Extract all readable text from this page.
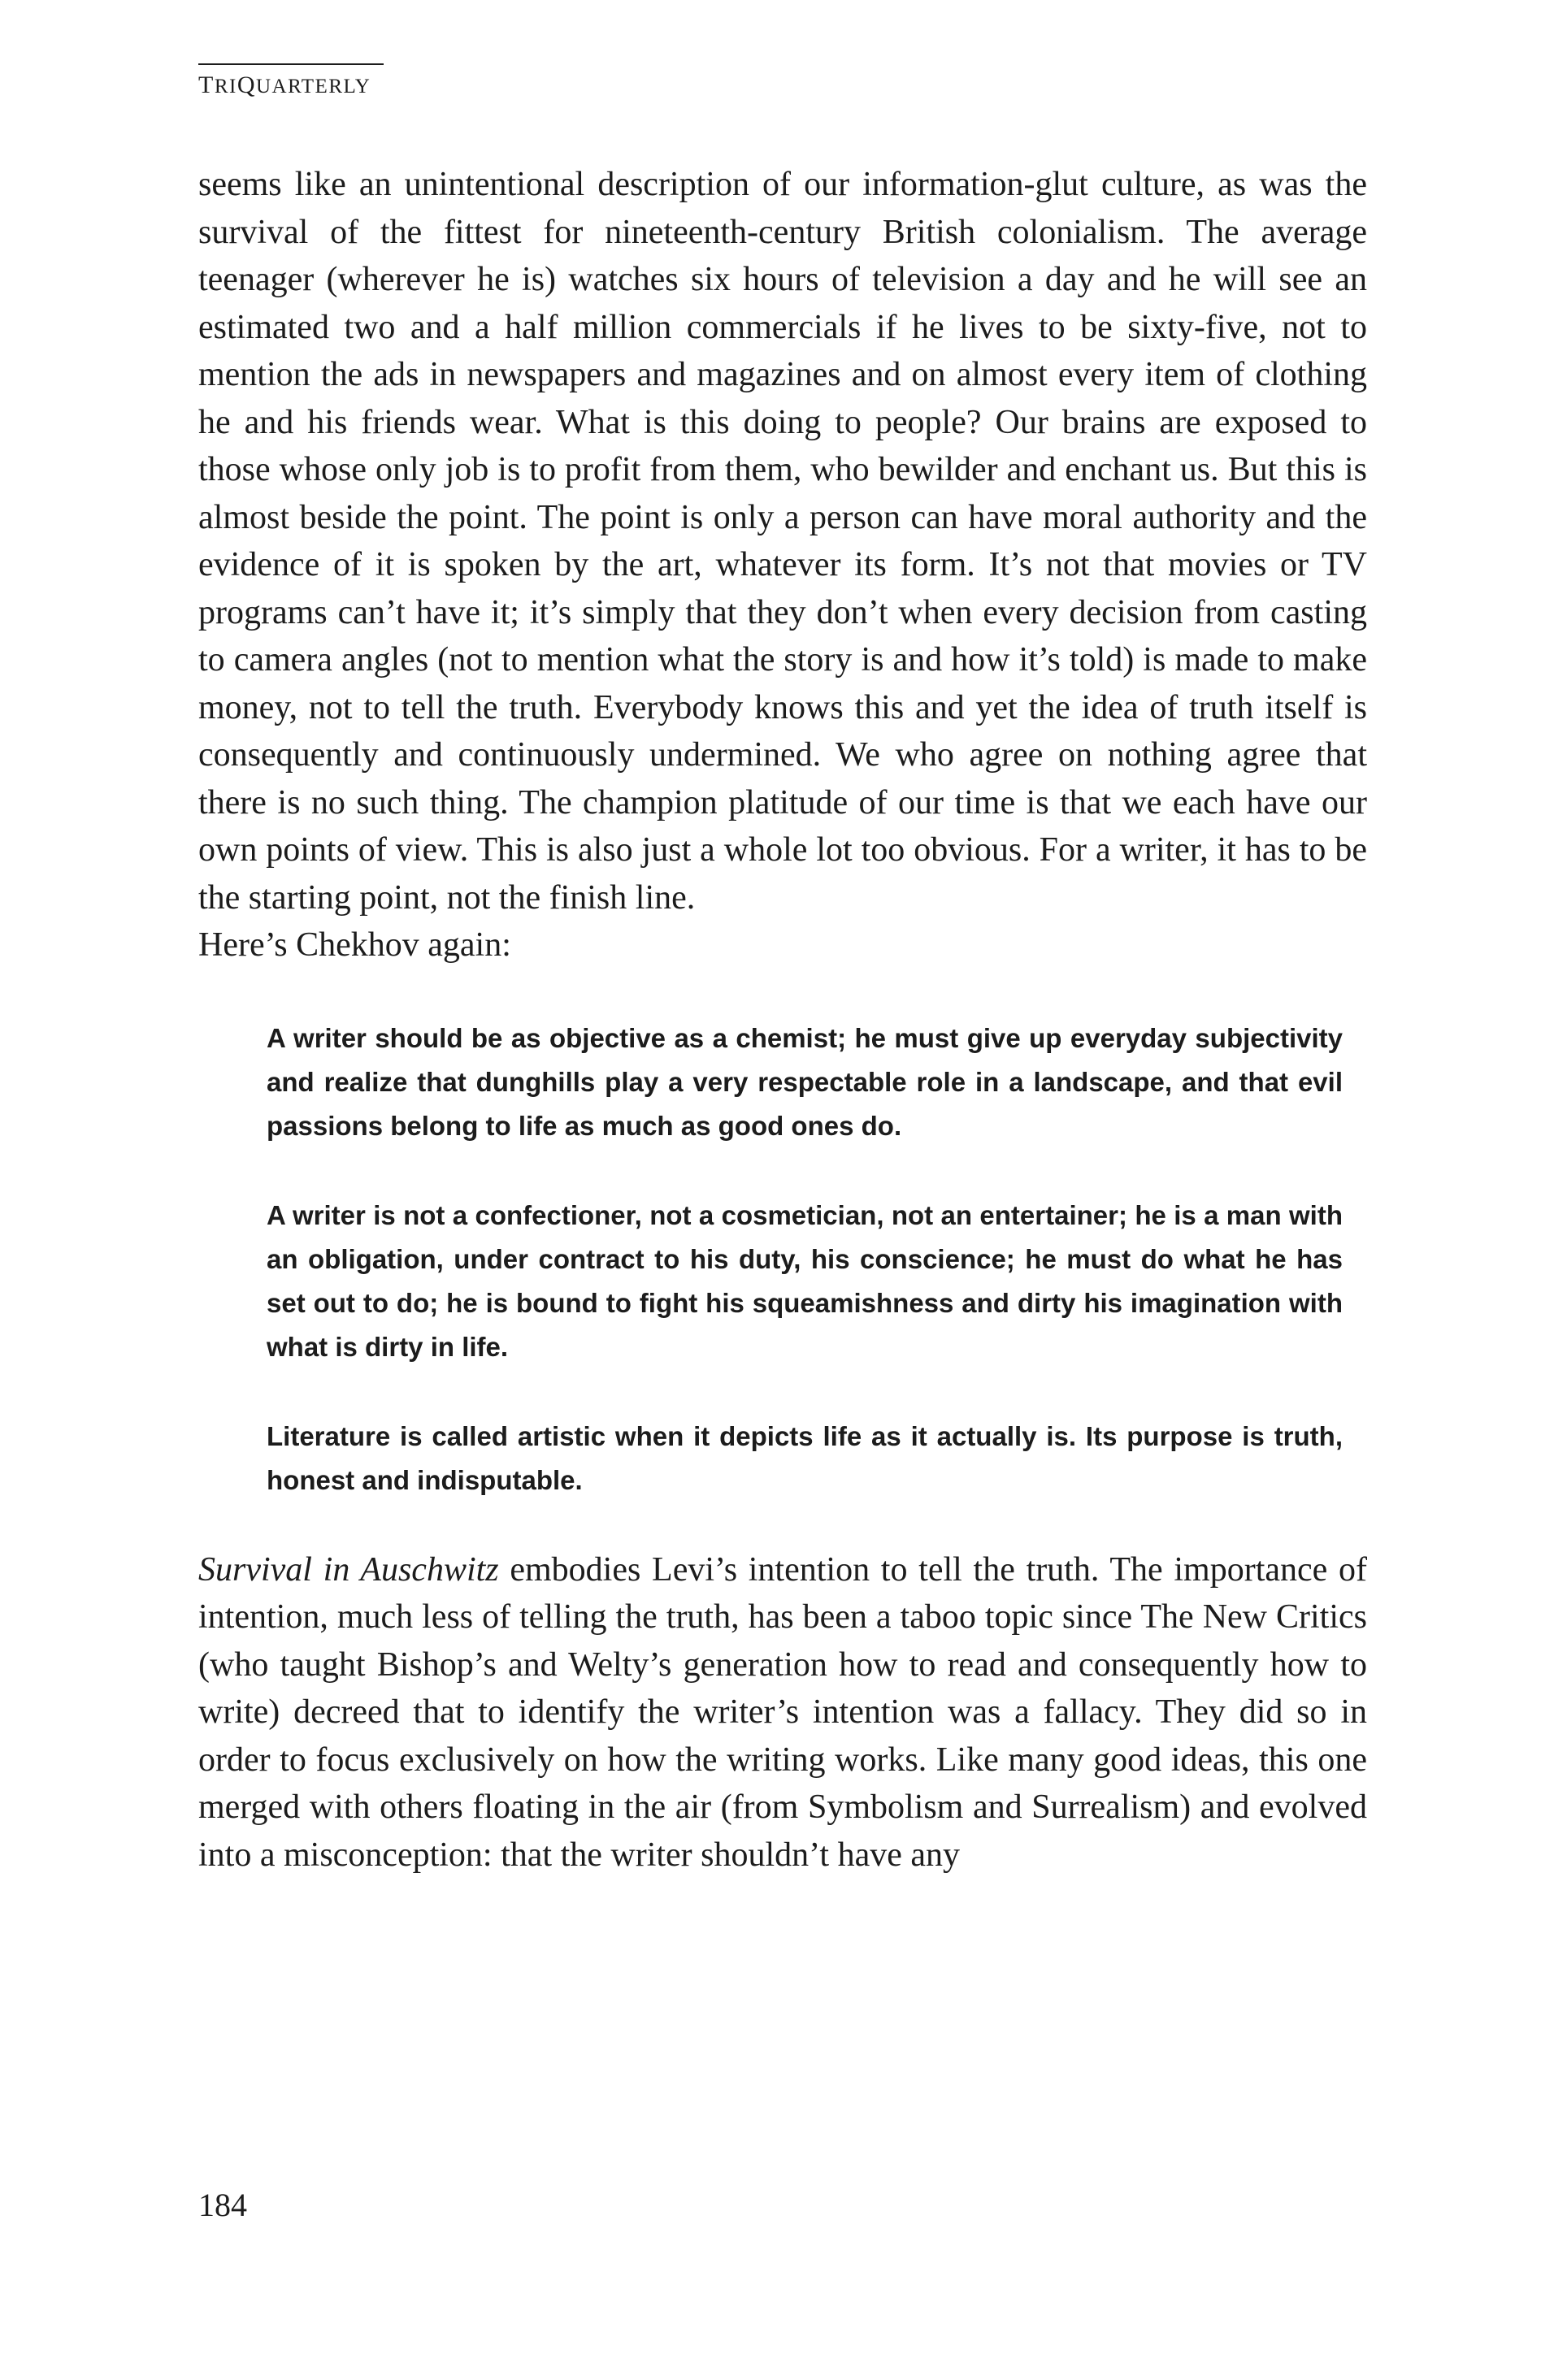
TRIQUARTERLY

seems like an unintentional description of our information-glut culture, as was the survival of the fittest for nineteenth-century British colonialism. The average teenager (wherever he is) watches six hours of television a day and he will see an estimated two and a half million commercials if he lives to be sixty-five, not to mention the ads in newspapers and magazines and on almost every item of clothing he and his friends wear. What is this doing to people? Our brains are exposed to those whose only job is to profit from them, who bewilder and enchant us. But this is almost beside the point. The point is only a person can have moral authority and the evidence of it is spoken by the art, whatever its form. It’s not that movies or TV programs can’t have it; it’s simply that they don’t when every decision from casting to camera angles (not to mention what the story is and how it’s told) is made to make money, not to tell the truth. Everybody knows this and yet the idea of truth itself is consequently and continuously undermined. We who agree on nothing agree that there is no such thing. The champion platitude of our time is that we each have our own points of view. This is also just a whole lot too obvious. For a writer, it has to be the starting point, not the finish line.

Here’s Chekhov again:

A writer should be as objective as a chemist; he must give up everyday subjectivity and realize that dunghills play a very respectable role in a landscape, and that evil passions belong to life as much as good ones do.

A writer is not a confectioner, not a cosmetician, not an entertainer; he is a man with an obligation, under contract to his duty, his conscience; he must do what he has set out to do; he is bound to fight his squeamishness and dirty his imagination with what is dirty in life.

Literature is called artistic when it depicts life as it actually is. Its purpose is truth, honest and indisputable.

Survival in Auschwitz embodies Levi’s intention to tell the truth. The importance of intention, much less of telling the truth, has been a taboo topic since The New Critics (who taught Bishop’s and Welty’s generation how to read and consequently how to write) decreed that to identify the writer’s intention was a fallacy. They did so in order to focus exclusively on how the writing works. Like many good ideas, this one merged with others floating in the air (from Symbolism and Surrealism) and evolved into a misconception: that the writer shouldn’t have any

184
